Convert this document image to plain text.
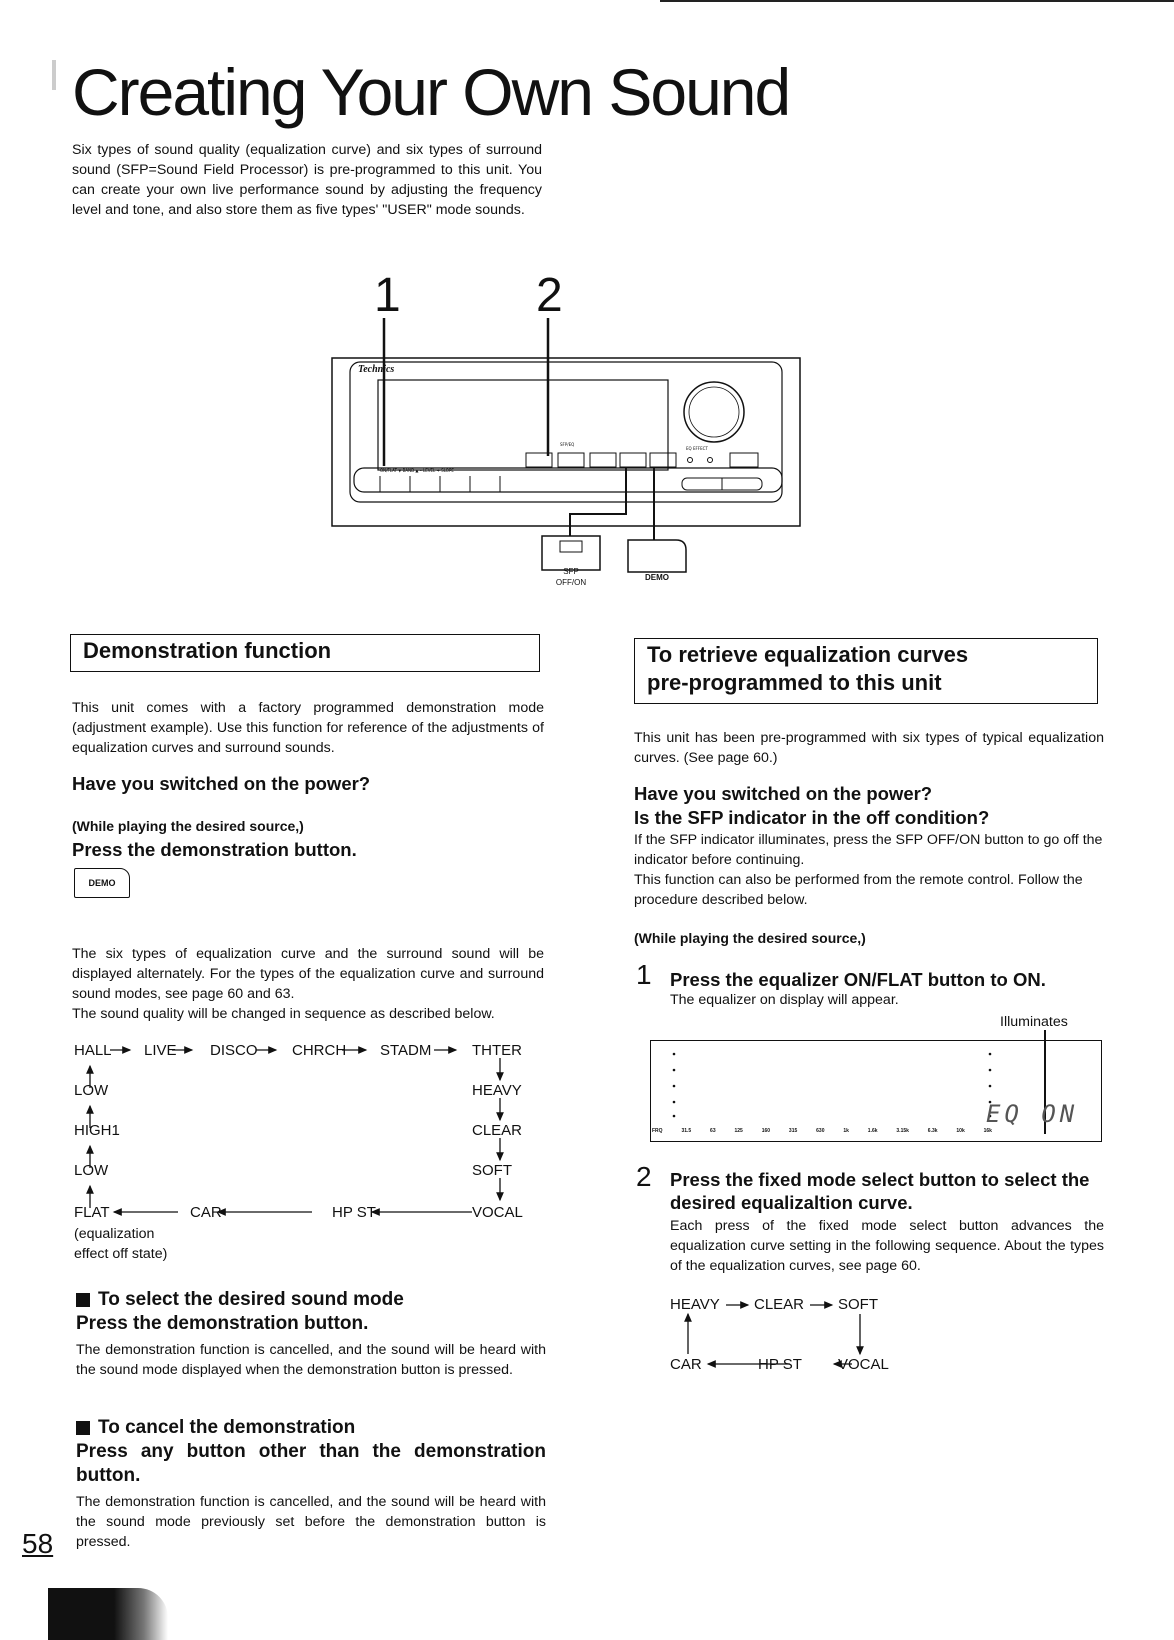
Creating Your Own Sound

Six types of sound quality (equalization curve) and six types of surround sound (SFP=Sound Field Processor) is pre-programmed to this unit. You can create your own live performance sound by adjusting the frequency level and tone, and also store them as five types' "USER" mode sounds.

1	2
ON/FLAT ▼ BAND ▲ – LEVEL + SLOPE
SFP/EQ
EQ EFFECT
Technics
SFP
OFF/ON
DEMO
Demonstration function

This unit comes with a factory programmed demonstration mode (adjustment example). Use this function for reference of the adjustments of equalization curves and surround sounds.

Have you switched on the power?

(While playing the desired source,)

Press the demonstration button.

DEMO

The six types of equalization curve and the surround sound will be displayed alternately. For the types of the equalization curve and surround sound modes, see page 60 and 63.

The sound quality will be changed in sequence as described below.

HALL LIVE DISCO CHRCH STADM	THTER
LOW
HIGH1
LOW
HEAVY
CLEAR
SOFT
FLAT	CAR	HP ST	VOCAL
(equalization
effect off state)

To select the desired sound mode

Press the demonstration button.

The demonstration function is cancelled, and the sound will be heard with the sound mode displayed when the demonstration button is pressed.

To cancel the demonstration

Press any button other than the demonstration button.

The demonstration function is cancelled, and the sound will be heard with the sound mode previously set before the demonstration button is pressed.

To retrieve equalization curves
pre-programmed to this unit

This unit has been pre-programmed with six types of typical equalization curves. (See page 60.)

Have you switched on the power?

Is the SFP indicator in the off condition?

If the SFP indicator illuminates, press the SFP OFF/ON button to go off the indicator before continuing.

This function can also be performed from the remote control. Follow the procedure described below.

(While playing the desired source,)

1 Press the equalizer ON/FLAT button to ON.

The equalizer on display will appear.

Illuminates
EQ ON
FRQ	31.5	63	125	160	315	630	1k	1.6k	3.15k	6.3k	10k	16k
2 Press the fixed mode select button to select the desired equalizaltion curve.

Each press of the fixed mode select button advances the equalization curve setting in the following sequence. About the types of the equalization curves, see page 60.

HEAVY CLEAR SOFT
CAR	HP ST VOCAL
58
